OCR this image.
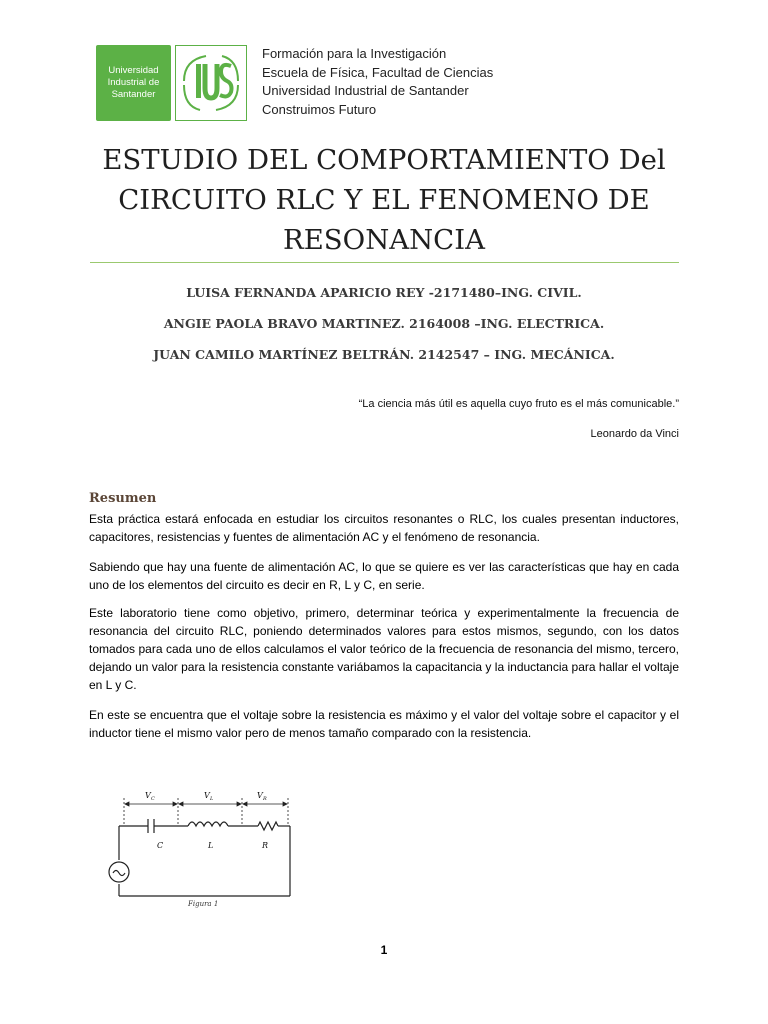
Universidad
Industrial de
Santander
Formación para la Investigación
Escuela de Física, Facultad de Ciencias
Universidad Industrial de Santander
Construimos Futuro
ESTUDIO DEL COMPORTAMIENTO Del
CIRCUITO RLC Y EL FENOMENO DE
RESONANCIA
LUISA FERNANDA APARICIO REY -2171480–ING. CIVIL.
ANGIE PAOLA BRAVO MARTINEZ. 2164008 –ING. ELECTRICA.
JUAN CAMILO MARTÍNEZ BELTRÁN. 2142547 – ING. MECÁNICA.
“La ciencia más útil es aquella cuyo fruto es el más comunicable.”
Leonardo da Vinci
Resumen
Esta práctica estará enfocada en estudiar los circuitos resonantes o RLC, los cuales presentan inductores, capacitores, resistencias y fuentes de alimentación AC y el fenómeno de resonancia.
Sabiendo que hay una fuente de alimentación AC, lo que se quiere es ver las características que hay en cada uno de los elementos del circuito es decir en R, L y C, en serie.
Este laboratorio tiene como objetivo, primero, determinar teórica y experimentalmente la frecuencia de resonancia del circuito RLC, poniendo determinados valores para estos mismos, segundo, con los datos tomados para cada uno de ellos calculamos el valor teórico de la frecuencia de resonancia del mismo, tercero, dejando un valor para la resistencia constante variábamos la capacitancia y la inductancia para hallar el voltaje en L y C.
En este se encuentra que el voltaje sobre la resistencia es máximo y el valor del voltaje sobre el capacitor y el inductor tiene el mismo valor pero de menos tamaño comparado con la resistencia.
V C	V L	V R
C	L	R
Figura 1
1
